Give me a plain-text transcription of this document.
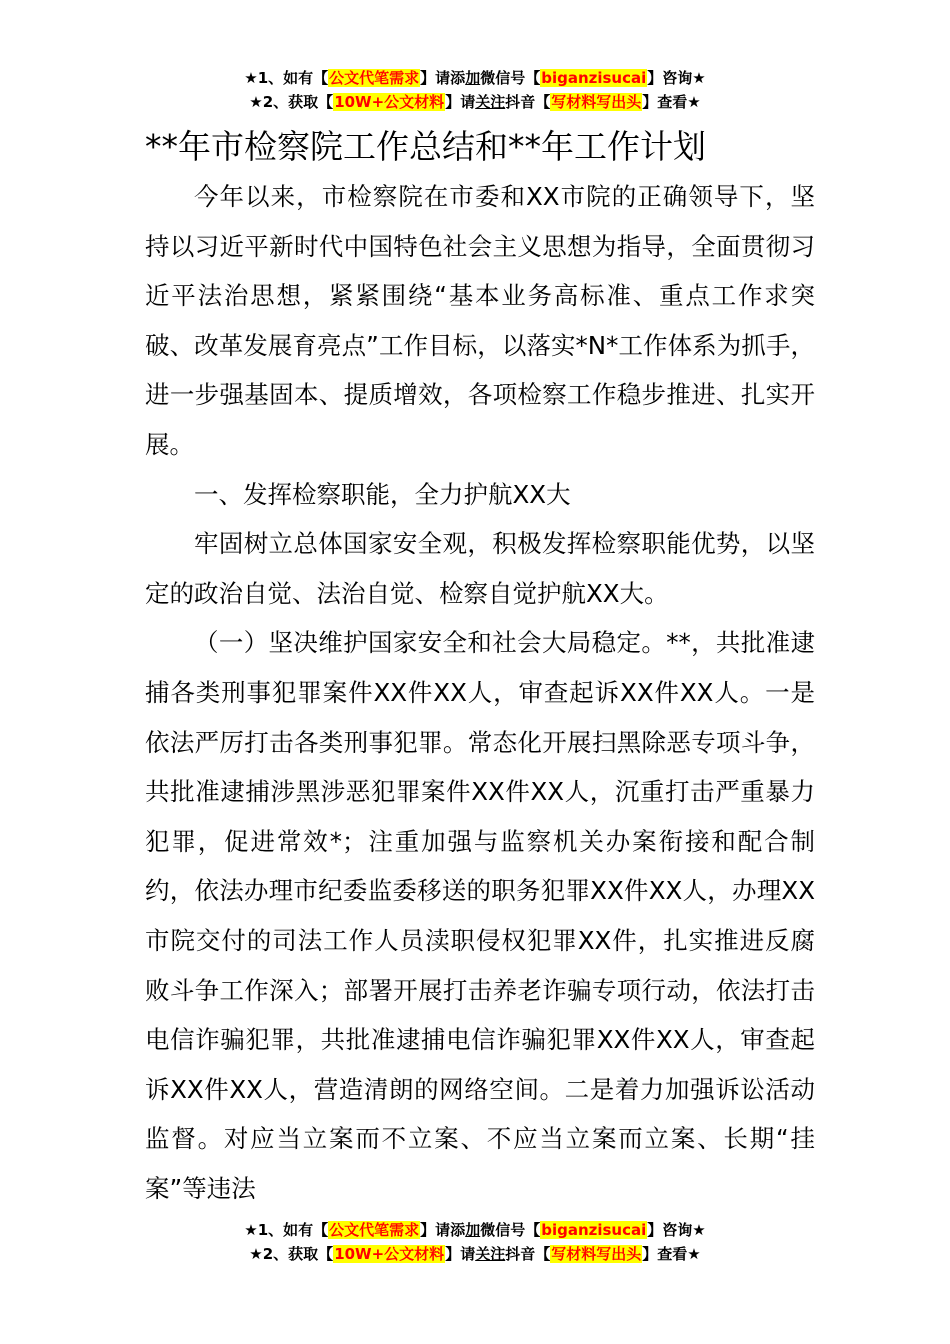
★1、如有【公文代笔需求】请添加微信号【biganzisucai】咨询★
★2、获取【10W+公文材料】请关注抖音【写材料写出头】查看★
**年市检察院工作总结和**年工作计划

今年以来，市检察院在市委和XX市院的正确领导下，坚持以习近平新时代中国特色社会主义思想为指导，全面贯彻习近平法治思想，紧紧围绕“基本业务高标准、重点工作求突破、改革发展育亮点”工作目标，以落实*N*工作体系为抓手，进一步强基固本、提质增效，各项检察工作稳步推进、扎实开展。

一、发挥检察职能，全力护航XX大

牢固树立总体国家安全观，积极发挥检察职能优势，以坚定的政治自觉、法治自觉、检察自觉护航XX大。

（一）坚决维护国家安全和社会大局稳定。**，共批准逮捕各类刑事犯罪案件XX件XX人，审查起诉XX件XX人。一是依法严厉打击各类刑事犯罪。常态化开展扫黑除恶专项斗争，共批准逮捕涉黑涉恶犯罪案件XX件XX人，沉重打击严重暴力犯罪，促进常效*；注重加强与监察机关办案衔接和配合制约，依法办理市纪委监委移送的职务犯罪XX件XX人，办理XX市院交付的司法工作人员渎职侵权犯罪XX件，扎实推进反腐败斗争工作深入；部署开展打击养老诈骗专项行动，依法打击电信诈骗犯罪，共批准逮捕电信诈骗犯罪XX件XX人，审查起诉XX件XX人，营造清朗的网络空间。二是着力加强诉讼活动监督。对应当立案而不立案、不应当立案而立案、长期“挂案”等违法

★1、如有【公文代笔需求】请添加微信号【biganzisucai】咨询★
★2、获取【10W+公文材料】请关注抖音【写材料写出头】查看★
